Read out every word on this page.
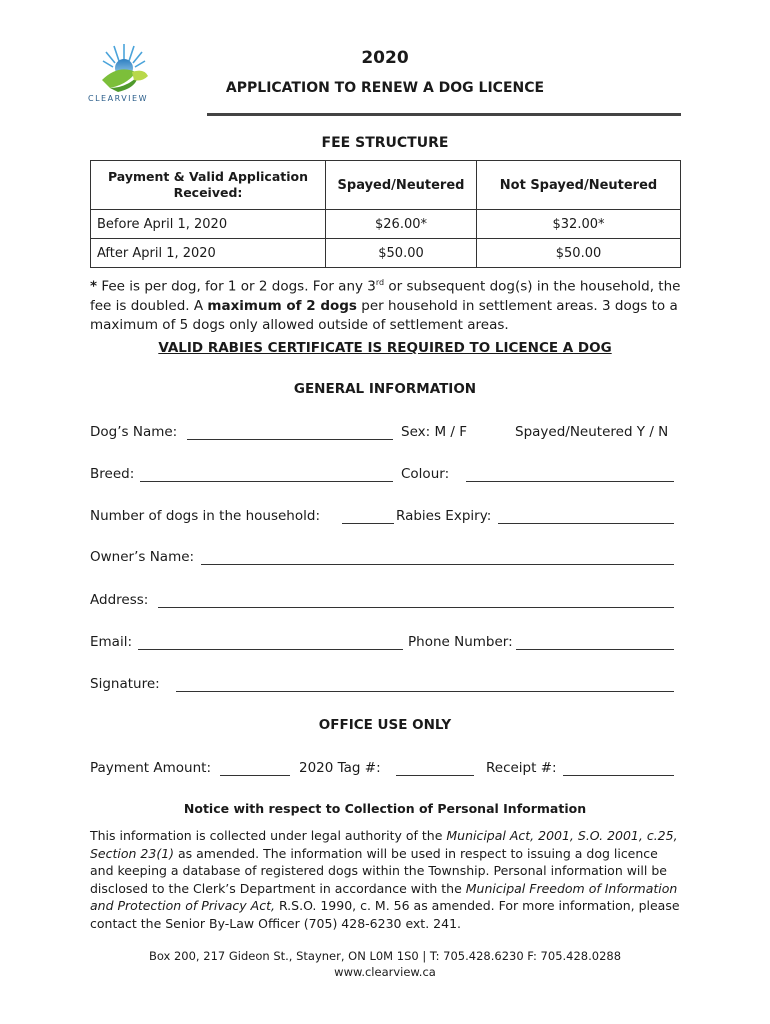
CLEARVIEW
2020
APPLICATION TO RENEW A DOG LICENCE
FEE STRUCTURE
Payment & Valid Application Received:	Spayed/Neutered	Not Spayed/Neutered
Before April 1, 2020	$26.00*	$32.00*
After April 1, 2020	$50.00	$50.00
* Fee is per dog, for 1 or 2 dogs. For any 3rd or subsequent dog(s) in the household, the fee is doubled. A maximum of 2 dogs per household in settlement areas. 3 dogs to a maximum of 5 dogs only allowed outside of settlement areas.
VALID RABIES CERTIFICATE IS REQUIRED TO LICENCE A DOG
GENERAL INFORMATION
Dog’s Name:	Sex: M / F	Spayed/Neutered Y / N
Breed:	Colour:
Number of dogs in the household:	Rabies Expiry:
Owner’s Name:
Address:
Email:	Phone Number:
Signature:
OFFICE USE ONLY
Payment Amount:	2020 Tag #:	Receipt #:
Notice with respect to Collection of Personal Information
This information is collected under legal authority of the Municipal Act, 2001, S.O. 2001, c.25, Section 23(1) as amended. The information will be used in respect to issuing a dog licence and keeping a database of registered dogs within the Township. Personal information will be disclosed to the Clerk’s Department in accordance with the Municipal Freedom of Information and Protection of Privacy Act, R.S.O. 1990, c. M. 56 as amended. For more information, please contact the Senior By-Law Officer (705) 428-6230 ext. 241.
Box 200, 217 Gideon St., Stayner, ON L0M 1S0 | T: 705.428.6230 F: 705.428.0288
www.clearview.ca
